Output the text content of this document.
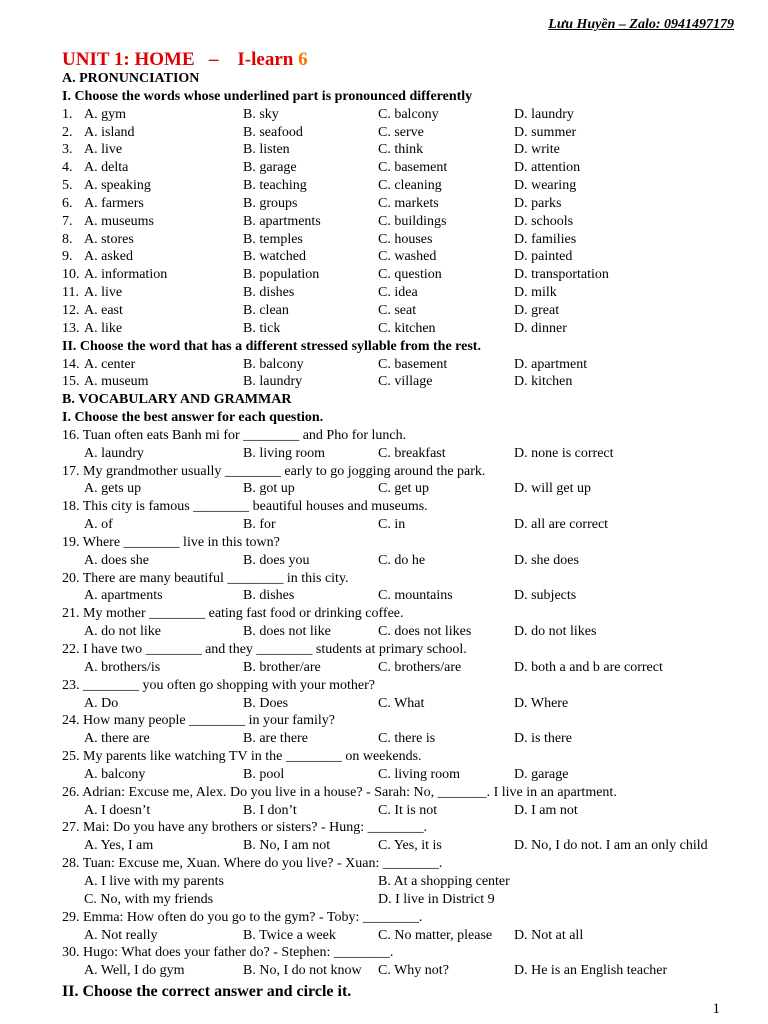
Lưu Huyền – Zalo: 0941497179
UNIT 1: HOME   –    I-learn 6
A. PRONUNCIATION
I. Choose the words whose underlined part is pronounced differently
1. A. gym	B. sky	C. balcony	D. laundry
2. A. island	B. seafood	C. serve	D. summer
3. A. live	B. listen	C. think	D. write
4. A. delta	B. garage	C. basement	D. attention
5. A. speaking	B. teaching	C. cleaning	D. wearing
6. A. farmers	B. groups	C. markets	D. parks
7. A. museums	B. apartments	C. buildings	D. schools
8. A. stores	B. temples	C. houses	D. families
9. A. asked	B. watched	C. washed	D. painted
10. A. information	B. population	C. question	D. transportation
11. A. live	B. dishes	C. idea	D. milk
12. A. east	B. clean	C. seat	D. great
13. A. like	B. tick	C. kitchen	D. dinner
II. Choose the word that has a different stressed syllable from the rest.
14. A. center	B. balcony	C. basement	D. apartment
15. A. museum	B. laundry	C. village	D. kitchen
B. VOCABULARY AND GRAMMAR
I. Choose the best answer for each question.
16. Tuan often eats Banh mi for ________ and Pho for lunch.
A. laundry	B. living room	C. breakfast	D. none is correct
17. My grandmother usually ________ early to go jogging around the park.
A. gets up	B. got up	C. get up	D. will get up
18. This city is famous ________ beautiful houses and museums.
A. of	B. for	C. in	D. all are correct
19. Where ________ live in this town?
A. does she	B. does you	C. do he	D. she does
20. There are many beautiful ________ in this city.
A. apartments	B. dishes	C. mountains	D. subjects
21. My mother ________ eating fast food or drinking coffee.
A. do not like	B. does not like	C. does not likes	D. do not likes
22. I have two ________ and they ________ students at primary school.
A. brothers/is	B. brother/are	C. brothers/are	D. both a and b are correct
23. ________ you often go shopping with your mother?
A. Do	B. Does	C. What	D. Where
24. How many people ________ in your family?
A. there are	B. are there	C. there is	D. is there
25. My parents like watching TV in the ________ on weekends.
A. balcony	B. pool	C. living room	D. garage
26. Adrian: Excuse me, Alex. Do you live in a house? - Sarah: No, _______. I live in an apartment.
A. I doesn’t	B. I don’t	C. It is not	D. I am not
27. Mai: Do you have any brothers or sisters? - Hung: ________.
A. Yes, I am	B. No, I am not	C. Yes, it is	D. No, I do not. I am an only child
28. Tuan: Excuse me, Xuan. Where do you live? - Xuan: ________.
A. I live with my parents	B. At a shopping center
C. No, with my friends	D. I live in District 9
29. Emma: How often do you go to the gym? - Toby: ________.
A. Not really	B. Twice a week	C. No matter, please D. Not at all
30. Hugo: What does your father do? - Stephen: ________.
A. Well, I do gym	B. No, I do not know C. Why not?	D. He is an English teacher
II. Choose the correct answer and circle it.
1
